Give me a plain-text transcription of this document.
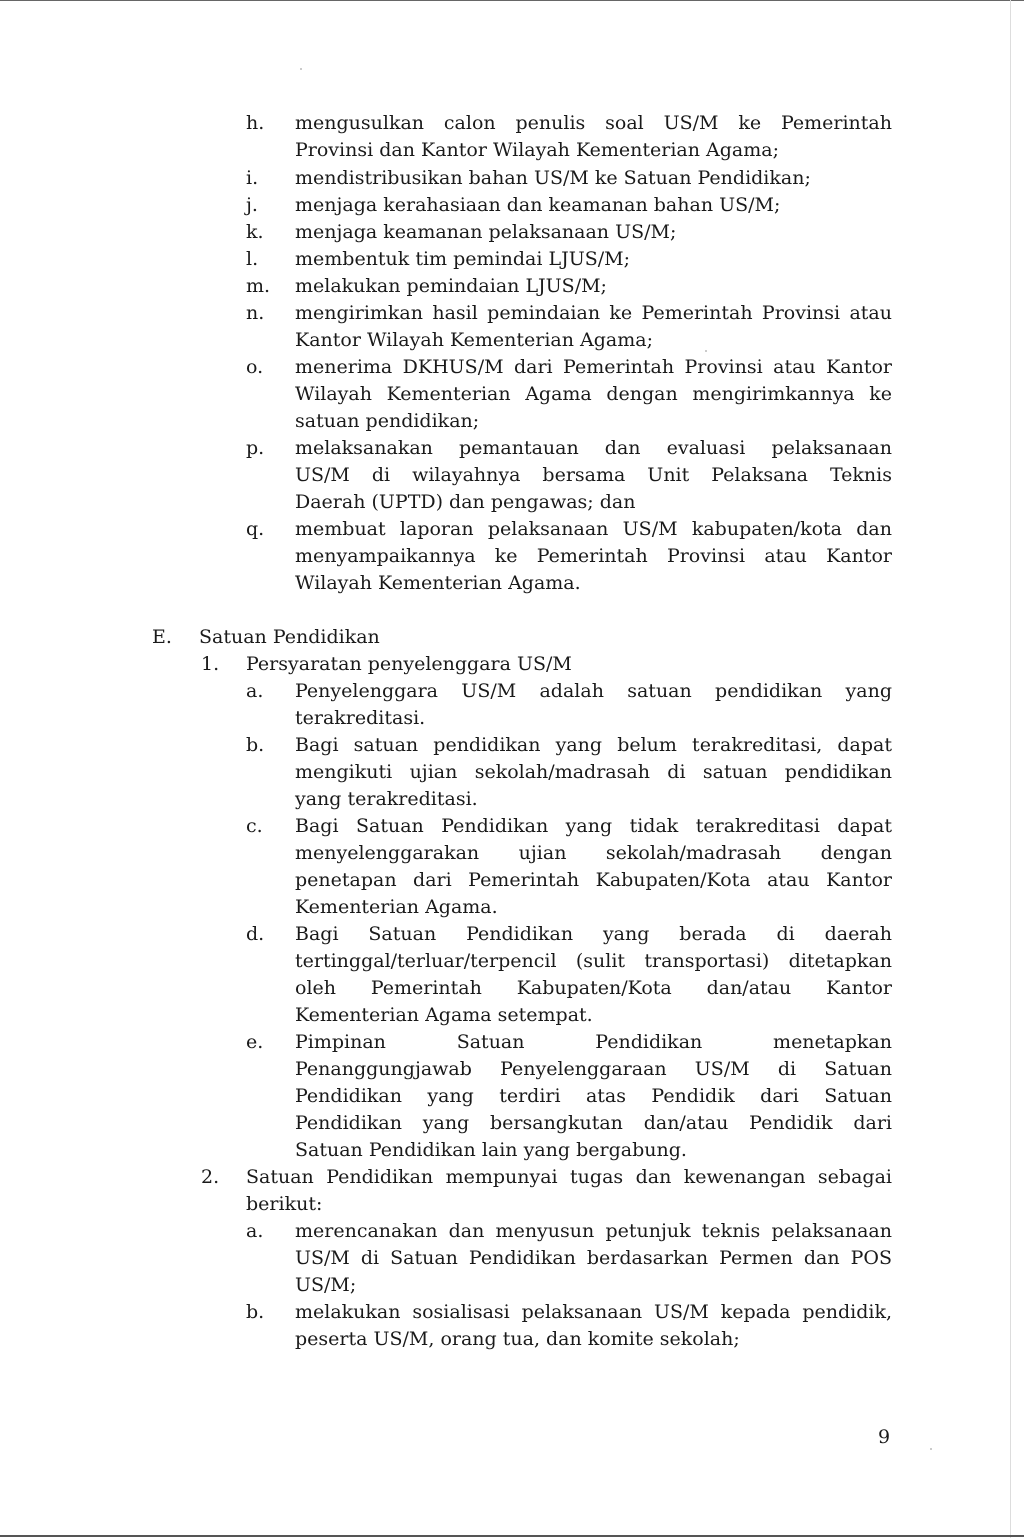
h. mengusulkan calon penulis soal US/M ke Pemerintah
Provinsi dan Kantor Wilayah Kementerian Agama;
i. mendistribusikan bahan US/M ke Satuan Pendidikan;
j. menjaga kerahasiaan dan keamanan bahan US/M;
k. menjaga keamanan pelaksanaan US/M;
l. membentuk tim pemindai LJUS/M;
m. melakukan pemindaian LJUS/M;
n. mengirimkan hasil pemindaian ke Pemerintah Provinsi atau
Kantor Wilayah Kementerian Agama;
o. menerima DKHUS/M dari Pemerintah Provinsi atau Kantor
Wilayah Kementerian Agama dengan mengirimkannya ke
satuan pendidikan;
p. melaksanakan pemantauan dan evaluasi pelaksanaan
US/M di wilayahnya bersama Unit Pelaksana Teknis
Daerah (UPTD) dan pengawas; dan
q. membuat laporan pelaksanaan US/M kabupaten/kota dan
menyampaikannya ke Pemerintah Provinsi atau Kantor
Wilayah Kementerian Agama.
E. Satuan Pendidikan
1. Persyaratan penyelenggara US/M
a. Penyelenggara US/M adalah satuan pendidikan yang
terakreditasi.
b. Bagi satuan pendidikan yang belum terakreditasi, dapat
mengikuti ujian sekolah/madrasah di satuan pendidikan
yang terakreditasi.
c. Bagi Satuan Pendidikan yang tidak terakreditasi dapat
menyelenggarakan ujian sekolah/madrasah dengan
penetapan dari Pemerintah Kabupaten/Kota atau Kantor
Kementerian Agama.
d. Bagi Satuan Pendidikan yang berada di daerah
tertinggal/terluar/terpencil (sulit transportasi) ditetapkan
oleh Pemerintah Kabupaten/Kota dan/atau Kantor
Kementerian Agama setempat.
e. Pimpinan Satuan Pendidikan menetapkan
Penanggungjawab Penyelenggaraan US/M di Satuan
Pendidikan yang terdiri atas Pendidik dari Satuan
Pendidikan yang bersangkutan dan/atau Pendidik dari
Satuan Pendidikan lain yang bergabung.
2. Satuan Pendidikan mempunyai tugas dan kewenangan sebagai
berikut:
a. merencanakan dan menyusun petunjuk teknis pelaksanaan
US/M di Satuan Pendidikan berdasarkan Permen dan POS
US/M;
b. melakukan sosialisasi pelaksanaan US/M kepada pendidik,
peserta US/M, orang tua, dan komite sekolah;
9
